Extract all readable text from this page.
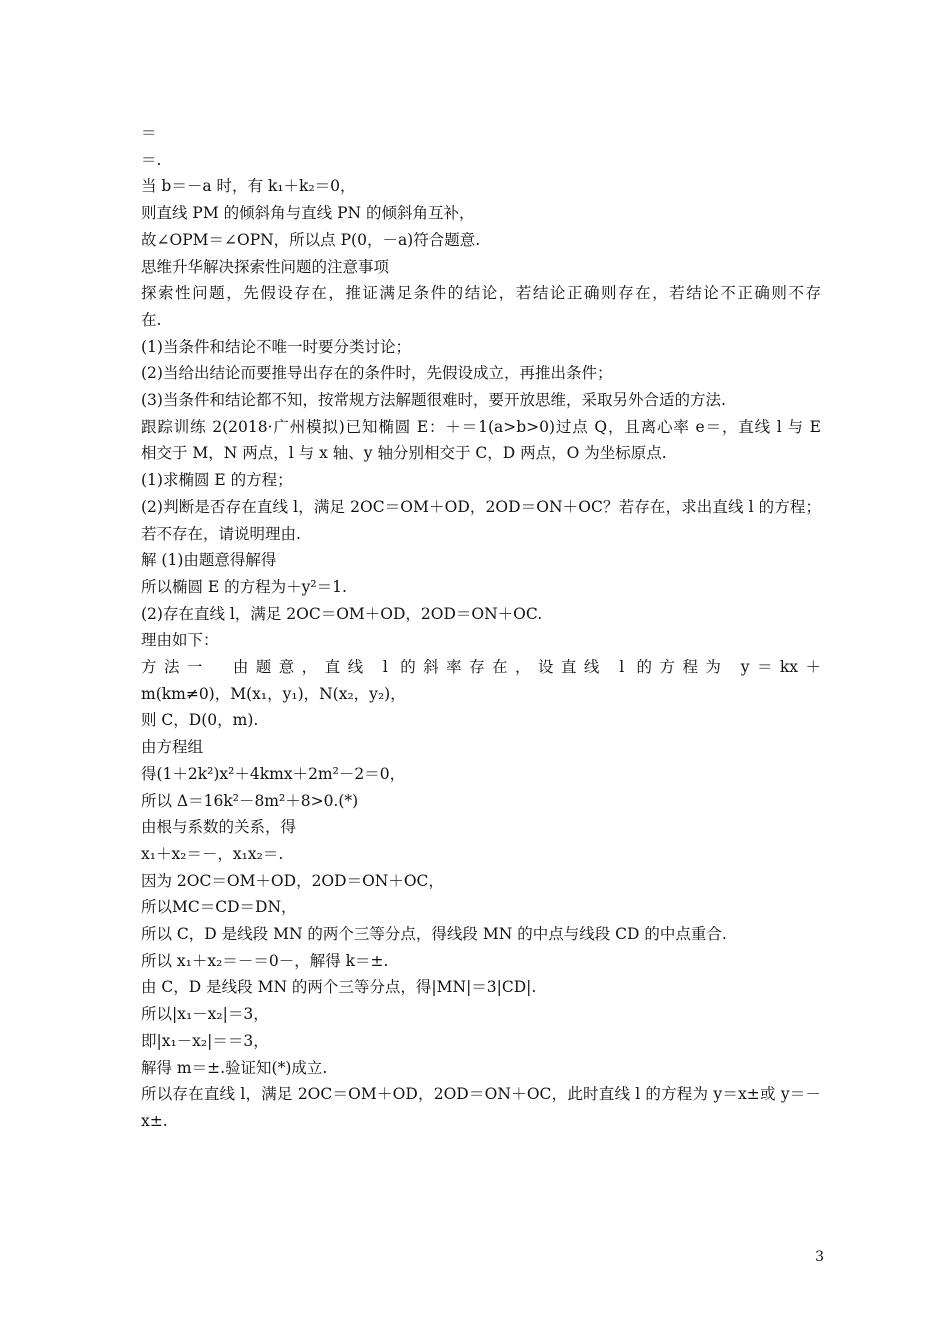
＝
＝.
当 b＝－a 时，有 k₁＋k₂＝0，
则直线 PM 的倾斜角与直线 PN 的倾斜角互补，
故∠OPM＝∠OPN，所以点 P(0，－a)符合题意.
思维升华解决探索性问题的注意事项
探索性问题，先假设存在，推证满足条件的结论，若结论正确则存在，若结论不正确则不存
在.
(1)当条件和结论不唯一时要分类讨论；
(2)当给出结论而要推导出存在的条件时，先假设成立，再推出条件；
(3)当条件和结论都不知，按常规方法解题很难时，要开放思维，采取另外合适的方法.
跟踪训练 2(2018·广州模拟)已知椭圆 E：＋＝1(a>b>0)过点 Q，且离心率 e＝，直线 l 与 E
相交于 M，N 两点，l 与 x 轴、y 轴分别相交于 C，D 两点，O 为坐标原点.
(1)求椭圆 E 的方程；
(2)判断是否存在直线 l，满足 2OC＝OM＋OD，2OD＝ON＋OC？若存在，求出直线 l 的方程；
若不存在，请说明理由.
解 (1)由题意得解得
所以椭圆 E 的方程为＋y²＝1.
(2)存在直线 l，满足 2OC＝OM＋OD，2OD＝ON＋OC.
理由如下：
方法一　由题意，直线 l 的斜率存在，设直线 l 的方程为 y＝kx＋
m(km≠0)，M(x₁，y₁)，N(x₂，y₂)，
则 C，D(0，m).
由方程组
得(1＋2k²)x²＋4kmx＋2m²－2＝0，
所以 Δ＝16k²－8m²＋8>0.(*)
由根与系数的关系，得
x₁＋x₂＝－，x₁x₂＝.
因为 2OC＝OM＋OD，2OD＝ON＋OC，
所以MC＝CD＝DN，
所以 C，D 是线段 MN 的两个三等分点，得线段 MN 的中点与线段 CD 的中点重合.
所以 x₁＋x₂＝－＝0－，解得 k＝±.
由 C，D 是线段 MN 的两个三等分点，得|MN|＝3|CD|.
所以|x₁－x₂|＝3，
即|x₁－x₂|＝＝3，
解得 m＝±.验证知(*)成立.
所以存在直线 l，满足 2OC＝OM＋OD，2OD＝ON＋OC，此时直线 l 的方程为 y＝x±或 y＝－
x±.
3
